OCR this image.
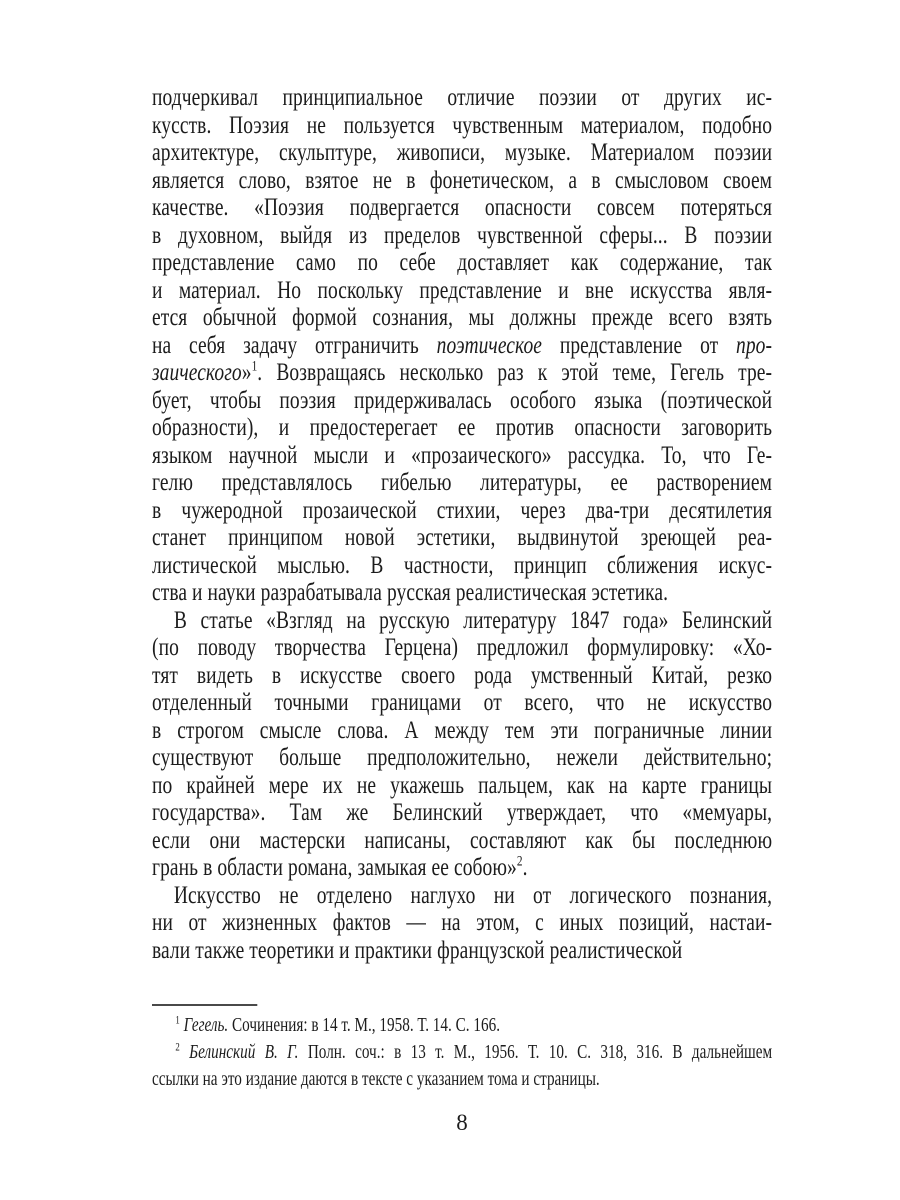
подчеркивал принципиальное отличие поэзии от других ис-
кусств. Поэзия не пользуется чувственным материалом, подобно
архитектуре, скульптуре, живописи, музыке. Материалом поэзии
является слово, взятое не в фонетическом, а в смысловом своем
качестве. «Поэзия подвергается опасности совсем потеряться
в духовном, выйдя из пределов чувственной сферы... В поэзии
представление само по себе доставляет как содержание, так
и материал. Но поскольку представление и вне искусства явля-
ется обычной формой сознания, мы должны прежде всего взять
на себя задачу отграничить поэтическое представление от про-
заического»$^1$. Возвращаясь несколько раз к этой теме, Гегель тре-
бует, чтобы поэзия придерживалась особого языка (поэтической
образности), и предостерегает ее против опасности заговорить
языком научной мысли и «прозаического» рассудка. То, что Ге-
гелю представлялось гибелью литературы, ее растворением
в чужеродной прозаической стихии, через два-три десятилетия
станет принципом новой эстетики, выдвинутой зреющей реа-
листической мыслью. В частности, принцип сближения искус-
ства и науки разрабатывала русская реалистическая эстетика.
В статье «Взгляд на русскую литературу 1847 года» Белинский
(по поводу творчества Герцена) предложил формулировку: «Хо-
тят видеть в искусстве своего рода умственный Китай, резко
отделенный точными границами от всего, что не искусство
в строгом смысле слова. А между тем эти пограничные линии
существуют больше предположительно, нежели действительно;
по крайней мере их не укажешь пальцем, как на карте границы
государства». Там же Белинский утверждает, что «мемуары,
если они мастерски написаны, составляют как бы последнюю
грань в области романа, замыкая ее собою»$^2$.
Искусство не отделено наглухо ни от логического познания,
ни от жизненных фактов — на этом, с иных позиций, настаи-
вали также теоретики и практики французской реалистической
$^1$ Гегель. Сочинения: в 14 т. М., 1958. Т. 14. С. 166.
$^2$ Белинский В. Г. Полн. соч.: в 13 т. М., 1956. Т. 10. С. 318, 316. В дальнейшем
ссылки на это издание даются в тексте с указанием тома и страницы.
8
